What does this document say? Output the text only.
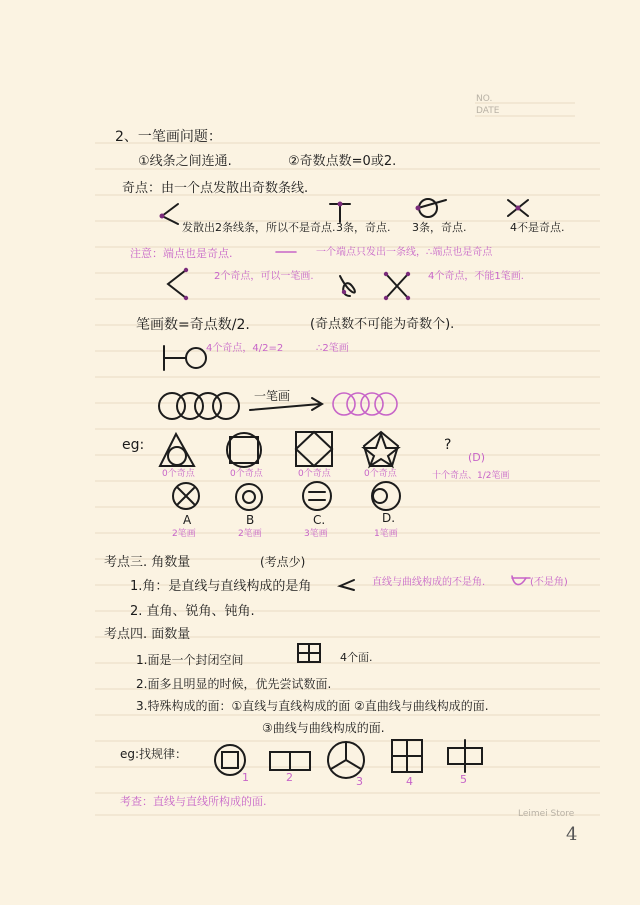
NO.
DATE
2、一笔画问题：
①线条之间连通.	②奇数点数=0或2.
奇点：由一个点发散出奇数条线.
发散出2条线条，所以不是奇点. 3条，奇点. 3条，奇点.	4不是奇点.
注意：端点也是奇点.	一个端点只发出一条线，∴端点也是奇点
2个奇点，可以一笔画.	4个奇点，不能1笔画.
笔画数=奇点数/2.	(奇点数不可能为奇数个).
4个奇点，4/2=2	∴2笔画
一笔画
eg:
0个奇点	0个奇点	0个奇点	0个奇点
?
(D)
十个奇点、1/2笔画
A	B	C.	D.
2笔画	2笔画	3笔画	1笔画
考点三. 角数量	(考点少)
1.角：是直线与直线构成的是角	直线与曲线构成的不是角.	(不是角)
2. 直角、锐角、钝角.
考点四. 面数量
1.面是一个封闭空间	4个面.
2.面多且明显的时候，优先尝试数面.
3.特殊构成的面：①直线与直线构成的面 ②直曲线与曲线构成的面.
③曲线与曲线构成的面.
eg:找规律：
1	2	3	4	5
考查：直线与直线所构成的面.
Leimei Store
4
